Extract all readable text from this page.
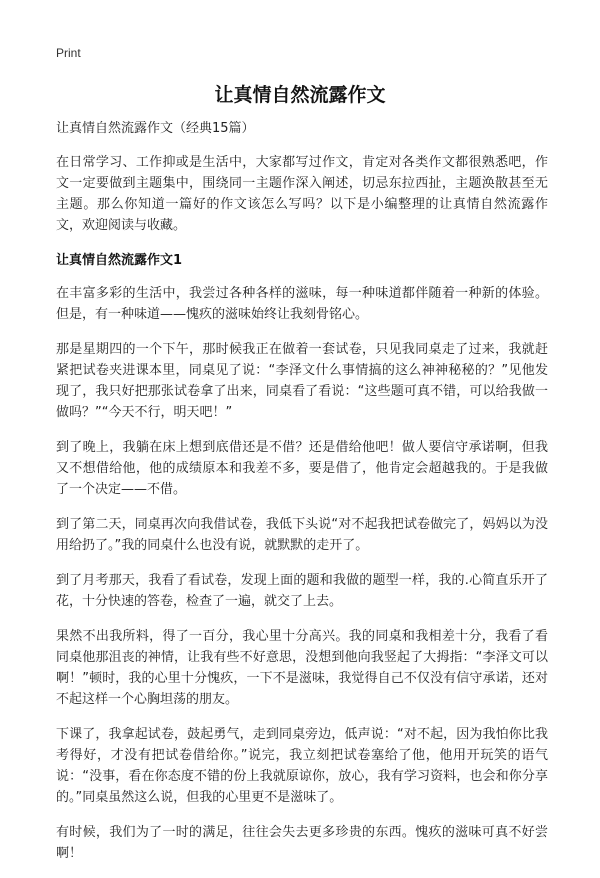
Print
让真情自然流露作文

让真情自然流露作文（经典15篇）

在日常学习、工作抑或是生活中，大家都写过作文，肯定对各类作文都很熟悉吧，作文一定要做到主题集中，围绕同一主题作深入阐述，切忌东拉西扯，主题涣散甚至无主题。那么你知道一篇好的作文该怎么写吗？以下是小编整理的让真情自然流露作文，欢迎阅读与收藏。

让真情自然流露作文1

在丰富多彩的生活中，我尝过各种各样的滋味，每一种味道都伴随着一种新的体验。但是，有一种味道——愧疚的滋味始终让我刻骨铭心。

那是星期四的一个下午，那时候我正在做着一套试卷，只见我同桌走了过来，我就赶紧把试卷夹进课本里，同桌见了说：“李泽文什么事情搞的这么神神秘秘的？”见他发现了，我只好把那张试卷拿了出来，同桌看了看说：“这些题可真不错，可以给我做一做吗？”“今天不行，明天吧！”

到了晚上，我躺在床上想到底借还是不借？还是借给他吧！做人要信守承诺啊，但我又不想借给他，他的成绩原本和我差不多，要是借了，他肯定会超越我的。于是我做了一个决定——不借。

到了第二天，同桌再次向我借试卷，我低下头说“对不起我把试卷做完了，妈妈以为没用给扔了。”我的同桌什么也没有说，就默默的走开了。

到了月考那天，我看了看试卷，发现上面的题和我做的题型一样，我的.心简直乐开了花，十分快速的答卷，检查了一遍，就交了上去。

果然不出我所料，得了一百分，我心里十分高兴。我的同桌和我相差十分，我看了看同桌他那沮丧的神情，让我有些不好意思，没想到他向我竖起了大拇指：“李泽文可以啊！”顿时，我的心里十分愧疚，一下不是滋味，我觉得自己不仅没有信守承诺，还对不起这样一个心胸坦荡的朋友。

下课了，我拿起试卷，鼓起勇气，走到同桌旁边，低声说：“对不起，因为我怕你比我考得好，才没有把试卷借给你。”说完，我立刻把试卷塞给了他，他用开玩笑的语气说：“没事，看在你态度不错的份上我就原谅你，放心，我有学习资料，也会和你分享的。”同桌虽然这么说，但我的心里更不是滋味了。

有时候，我们为了一时的满足，往往会失去更多珍贵的东西。愧疚的滋味可真不好尝啊！
